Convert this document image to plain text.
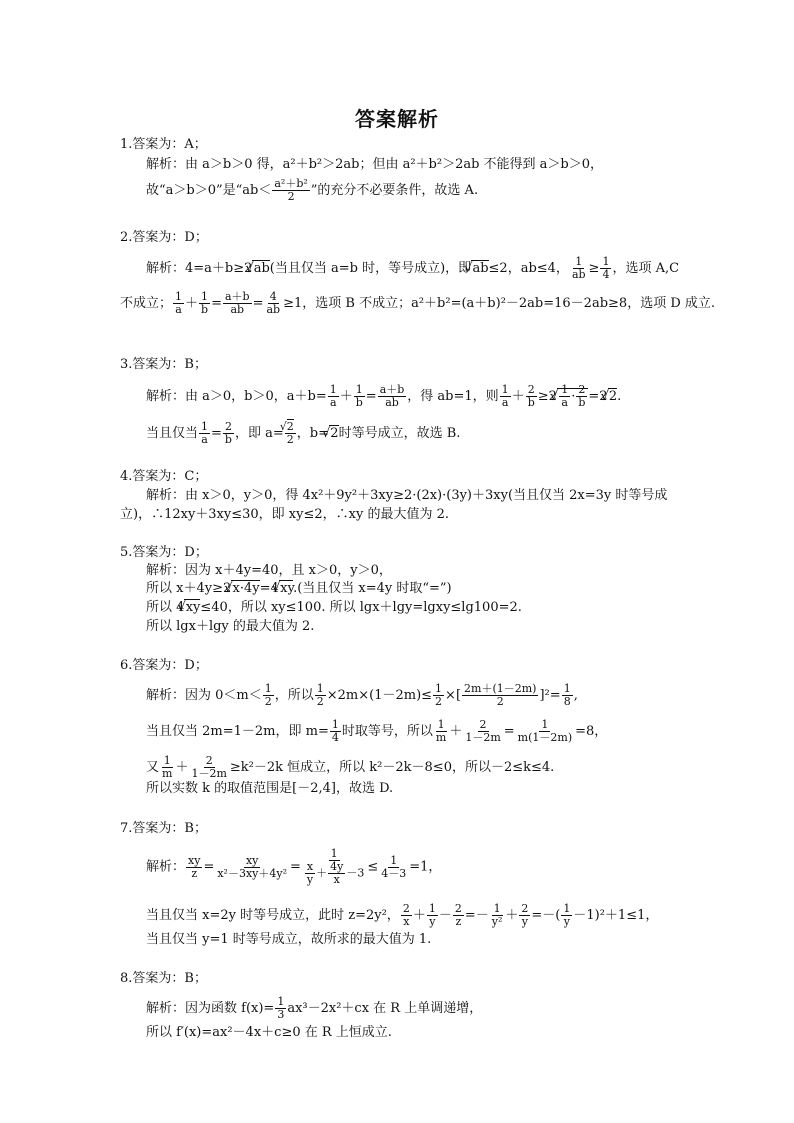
答案解析
1.答案为：A；
解析：由 a＞b＞0 得，a²＋b²＞2ab；但由 a²＋b²＞2ab 不能得到 a＞b＞0，
故“a＞b＞0”是“$ab< \frac{\text{a²＋b²}}{2}$ ”的充分不必要条件，故选 A.
2.答案为：D；
解析：4=a＋b≥2√ ab(当且仅当 a=b 时，等号成立)，即√ ab≤2，ab≤4， $\frac{1}{ab} \ge \frac{1}{4}$ ，选项 A,C
不成立； $\frac{1}{a} + \frac{1}{b} = \frac{a+b}{ab} = \frac{4}{ab} \ge 1$，选项 B 不成立；a²＋b²=(a＋b)²－2ab=16－2ab≥8，选项 D 成立.
3.答案为：B；
解析：由 a＞0，b＞0，$a+b= \frac{1}{a} + \frac{1}{b} = \frac{a+b}{ab}$ ，得 ab=1，则 $\frac{1}{a} + \frac{2}{b} \ge 2$ √ $\frac{1}{a} \cdot \frac{2}{b} =2√$ 2.
当且仅当 $\frac{1}{a} = \frac{2}{b}$ ，即 a= √ $\frac{2}{2}$ ，b=√ 2时等号成立，故选 B.
4.答案为：C；
解析：由 x＞0，y＞0，得 4x²＋9y²＋3xy≥2·(2x)·(3y)＋3xy(当且仅当 2x=3y 时等号成
立)，∴12xy＋3xy≤30，即 xy≤2，∴xy 的最大值为 2.
5.答案为：D；
解析：因为 x＋4y=40，且 x＞0，y＞0，
所以 x＋4y≥2√ x·4y=4√ xy.(当且仅当 x=4y 时取“=”)
所以 4√ xy≤40，所以 xy≤100. 所以 lgx＋lgy=lgxy≤lg100=2.
所以 lgx＋lgy 的最大值为 2.
6.答案为：D；
解析：因为 $0<m< \frac{1}{2}$ ，所以 $\frac{1}{2} \times 2m\times(1-2m)\le \frac{1}{2}$ ×[ $\frac{2m+(1-2m)}{2} ]^2= \frac{1}{8}$ ,
当且仅当 2m=1－2m，即 $m= \frac{1}{4}$ 时取等号，所以 $\frac{1}{m} + \frac{2}{1-2m} = \frac{1}{m(1-2m)} =8$，
又 $\frac{1}{m} + \frac{2}{1-2m} \ge k^2-2k$ 恒成立，所以 k²－2k－8≤0，所以－2≤k≤4.
所以实数 k 的取值范围是[－2,4]，故选 D.
7.答案为：B；
解析： $\frac{xy}{z} = \frac{xy}{\text{x²－3xy＋4y²}} = \frac{1}{\frac{x}{y} + \frac{4y}{x} -3} \le \frac{1}{4-3} =1$，
当且仅当 x=2y 时等号成立，此时 z=2y²， $\frac{2}{x} + \frac{1}{y} - \frac{2}{z} =- \frac{1}{\text{y²}} + \frac{2}{y}$ =－( $\frac{1}{y} -1)^2+1\le 1$，
当且仅当 y=1 时等号成立，故所求的最大值为 1.
8.答案为：B；
解析：因为函数 $f(x)= \frac{1}{3} ax^3-2x^2+cx$ 在 R 上单调递增，
所以 f′(x)=ax²－4x＋c≥0 在 R 上恒成立.
